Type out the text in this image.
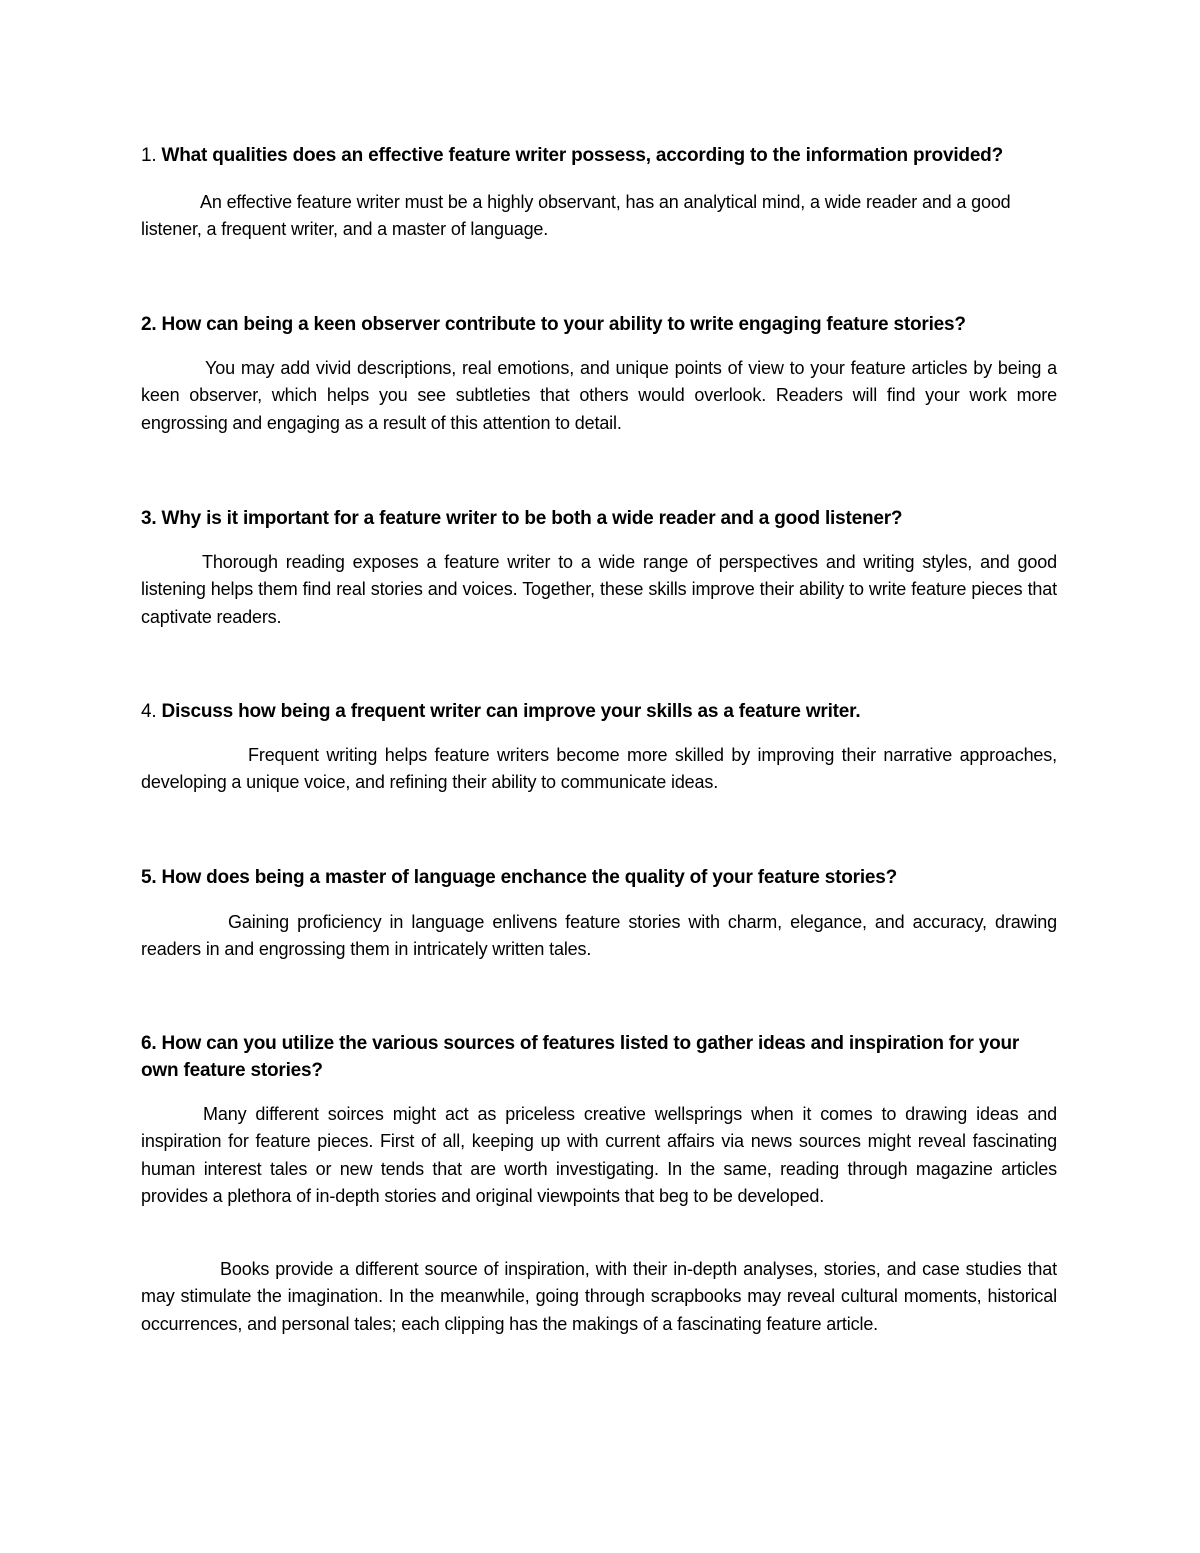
1. What qualities does an effective feature writer possess, according to the information provided?

An effective feature writer must be a highly observant, has an analytical mind, a wide reader and a good listener, a frequent writer, and a master of language.

2. How can being a keen observer contribute to your ability to write engaging feature stories?

You may add vivid descriptions, real emotions, and unique points of view to your feature articles by being a keen observer, which helps you see subtleties that others would overlook. Readers will find your work more engrossing and engaging as a result of this attention to detail.

3. Why is it important for a feature writer to be both a wide reader and a good listener?

Thorough reading exposes a feature writer to a wide range of perspectives and writing styles, and good listening helps them find real stories and voices. Together, these skills improve their ability to write feature pieces that captivate readers.

4. Discuss how being a frequent writer can improve your skills as a feature writer.

Frequent writing helps feature writers become more skilled by improving their narrative approaches, developing a unique voice, and refining their ability to communicate ideas.

5. How does being a master of language enchance the quality of your feature stories?

Gaining proficiency in language enlivens feature stories with charm, elegance, and accuracy, drawing readers in and engrossing them in intricately written tales.

6. How can you utilize the various sources of features listed to gather ideas and inspiration for your own feature stories?

Many different soirces might act as priceless creative wellsprings when it comes to drawing ideas and inspiration for feature pieces. First of all, keeping up with current affairs via news sources might reveal fascinating human interest tales or new tends that are worth investigating. In the same, reading through magazine articles provides a plethora of in-depth stories and original viewpoints that beg to be developed.

Books provide a different source of inspiration, with their in-depth analyses, stories, and case studies that may stimulate the imagination. In the meanwhile, going through scrapbooks may reveal cultural moments, historical occurrences, and personal tales; each clipping has the makings of a fascinating feature article.
